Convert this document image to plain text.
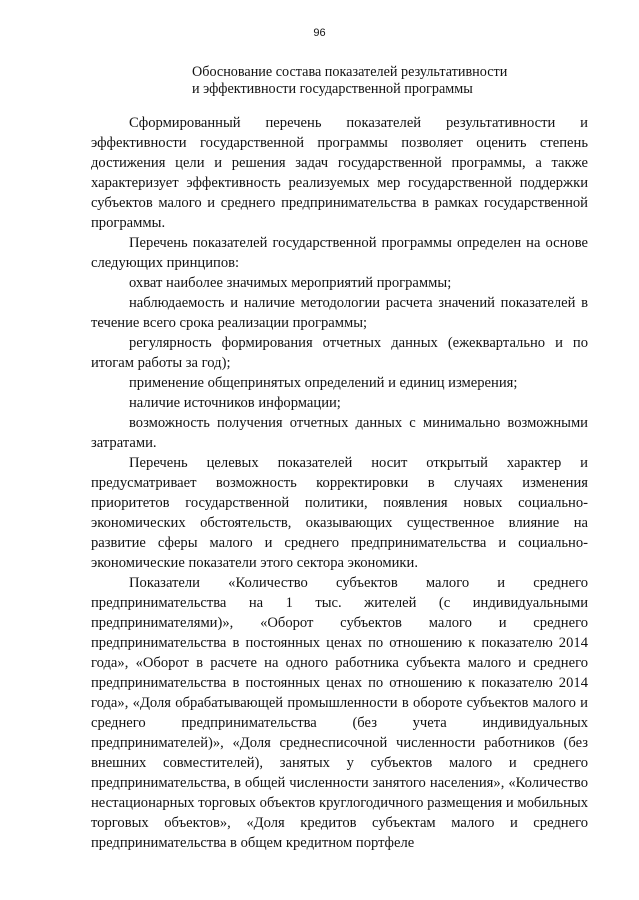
96
Обоснование состава показателей результативности
и эффективности государственной программы

Сформированный перечень показателей результативности и эффективности государственной программы позволяет оценить степень достижения цели и решения задач государственной программы, а также характеризует эффективность реализуемых мер государственной поддержки субъектов малого и среднего предпринимательства в рамках государственной программы.

Перечень показателей государственной программы определен на основе следующих принципов:

охват наиболее значимых мероприятий программы;

наблюдаемость и наличие методологии расчета значений показателей в течение всего срока реализации программы;

регулярность формирования отчетных данных (ежеквартально и по итогам работы за год);

применение общепринятых определений и единиц измерения;

наличие источников информации;

возможность получения отчетных данных с минимально возможными затратами.

Перечень целевых показателей носит открытый характер и предусматривает возможность корректировки в случаях изменения приоритетов государственной политики, появления новых социально-экономических обстоятельств, оказывающих существенное влияние на развитие сферы малого и среднего предпринимательства и социально-экономические показатели этого сектора экономики.

Показатели «Количество субъектов малого и среднего предпринимательства на 1 тыс. жителей (с индивидуальными предпринимателями)», «Оборот субъектов малого и среднего предпринимательства в постоянных ценах по отношению к показателю 2014 года», «Оборот в расчете на одного работника субъекта малого и среднего предпринимательства в постоянных ценах по отношению к показателю 2014 года», «Доля обрабатывающей промышленности в обороте субъектов малого и среднего предпринимательства (без учета индивидуальных предпринимателей)», «Доля среднесписочной численности работников (без внешних совместителей), занятых у субъектов малого и среднего предпринимательства, в общей численности занятого населения», «Количество нестационарных торговых объектов круглогодичного размещения и мобильных торговых объектов», «Доля кредитов субъектам малого и среднего предпринимательства в общем кредитном портфеле
